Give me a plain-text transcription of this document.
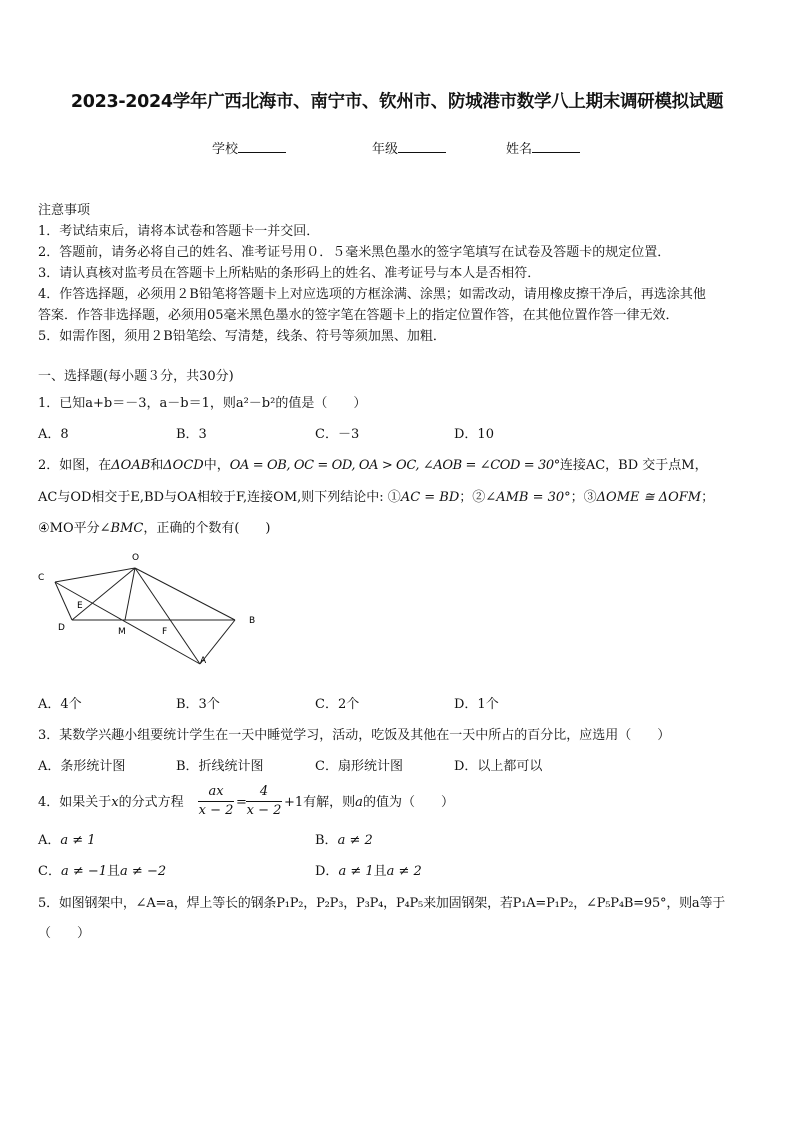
2023-2024学年广西北海市、南宁市、钦州市、防城港市数学八上期末调研模拟试题
学校	年级	姓名
注意事项
1．考试结束后，请将本试卷和答题卡一并交回．
2．答题前，请务必将自己的姓名、准考证号用０．５毫米黑色墨水的签字笔填写在试卷及答题卡的规定位置．
3．请认真核对监考员在答题卡上所粘贴的条形码上的姓名、准考证号与本人是否相符．
4．作答选择题，必须用２B铅笔将答题卡上对应选项的方框涂满、涂黑；如需改动，请用橡皮擦干净后，再选涂其他
答案．作答非选择题，必须用05毫米黑色墨水的签字笔在答题卡上的指定位置作答，在其他位置作答一律无效．
5．如需作图，须用２B铅笔绘、写清楚，线条、符号等须加黑、加粗．
一、选择题(每小题３分，共30分)
1．已知a+b＝－3，a－b＝1，则a²－b²的值是（　　）
A．8	B．3	C．－3	D．10
2．如图，在ΔOAB和ΔOCD中，OA = OB, OC = OD, OA > OC, ∠AOB = ∠COD = 30°连接AC，BD 交于点M，
AC与OD相交于E,BD与OA相较于F,连接OM,则下列结论中: ①AC = BD；②∠AMB = 30°；③ΔOME ≅ ΔOFM；
④MO平分∠BMC，正确的个数有(　　)
O
C
E
D	M	F
B
A
A．4个	B．3个	C．2个	D．1个
3．某数学兴趣小组要统计学生在一天中睡觉学习，活动，吃饭及其他在一天中所占的百分比，应选用（　　）
A．条形统计图	B．折线统计图	C．扇形统计图	D．以上都可以
4．如果关于x的分式方程
ax
x − 2
=
4
x − 2
+1有解，则a的值为（　　）
A．a ≠ 1	B．a ≠ 2
C．a ≠ −1且a ≠ −2	D．a ≠ 1且a ≠ 2
5．如图钢架中，∠A=a，焊上等长的钢条P₁P₂，P₂P₃，P₃P₄，P₄P₅来加固钢架，若P₁A=P₁P₂，∠P₅P₄B=95°，则a等于
（　　）
